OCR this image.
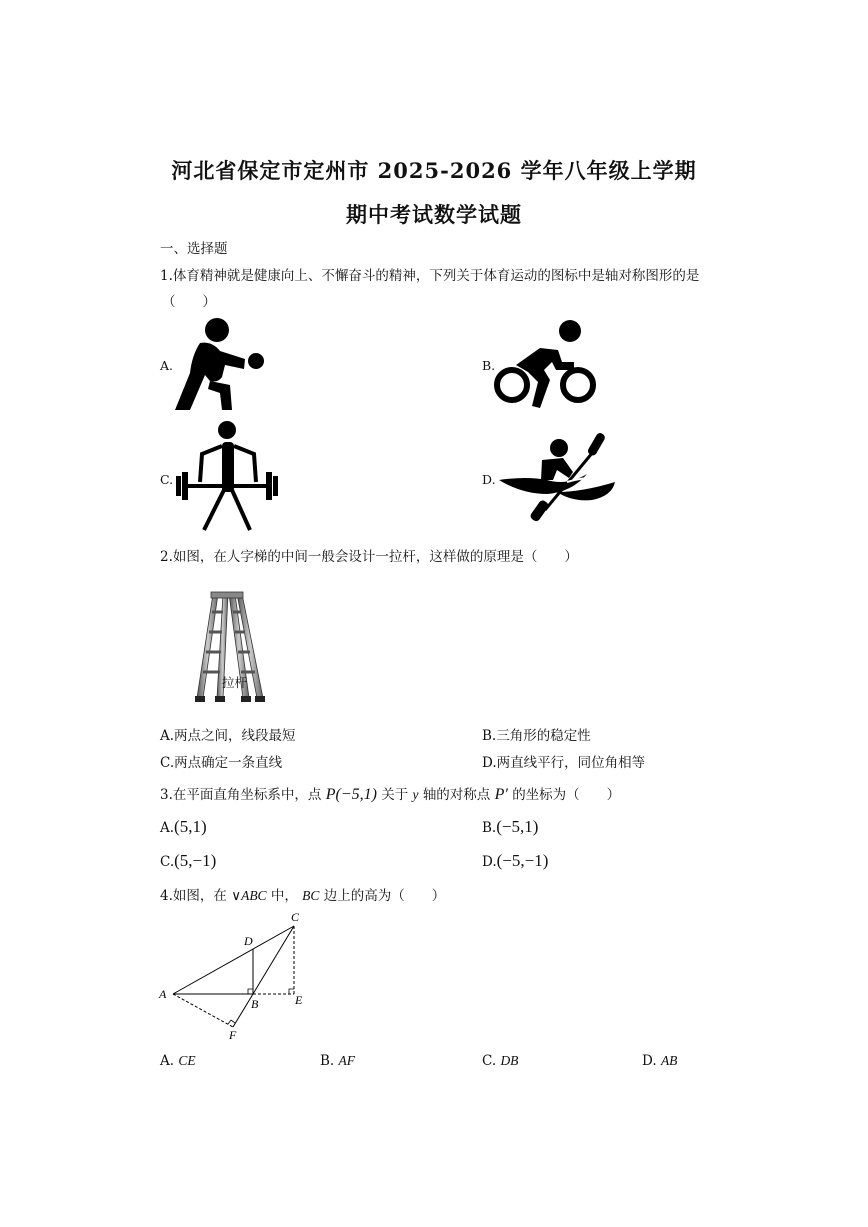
河北省保定市定州市 2025-2026 学年八年级上学期
期中考试数学试题
一、选择题
1.体育精神就是健康向上、不懈奋斗的精神，下列关于体育运动的图标中是轴对称图形的是
（　　）
A.	B.
C.	D.
2.如图，在人字梯的中间一般会设计一拉杆，这样做的原理是（　　）
拉杆
A.两点之间，线段最短	B.三角形的稳定性
C.两点确定一条直线	D.两直线平行，同位角相等
3.在平面直角坐标系中，点 P(−5,1) 关于 y 轴的对称点 P′ 的坐标为（　　）
A.(5,1)	B.(−5,1)
C.(5,−1)	D.(−5,−1)
4.如图，在 ∨ABC 中， BC 边上的高为（　　）
A
B
C
D
E
F
A. CE	B. AF	C. DB	D. AB
